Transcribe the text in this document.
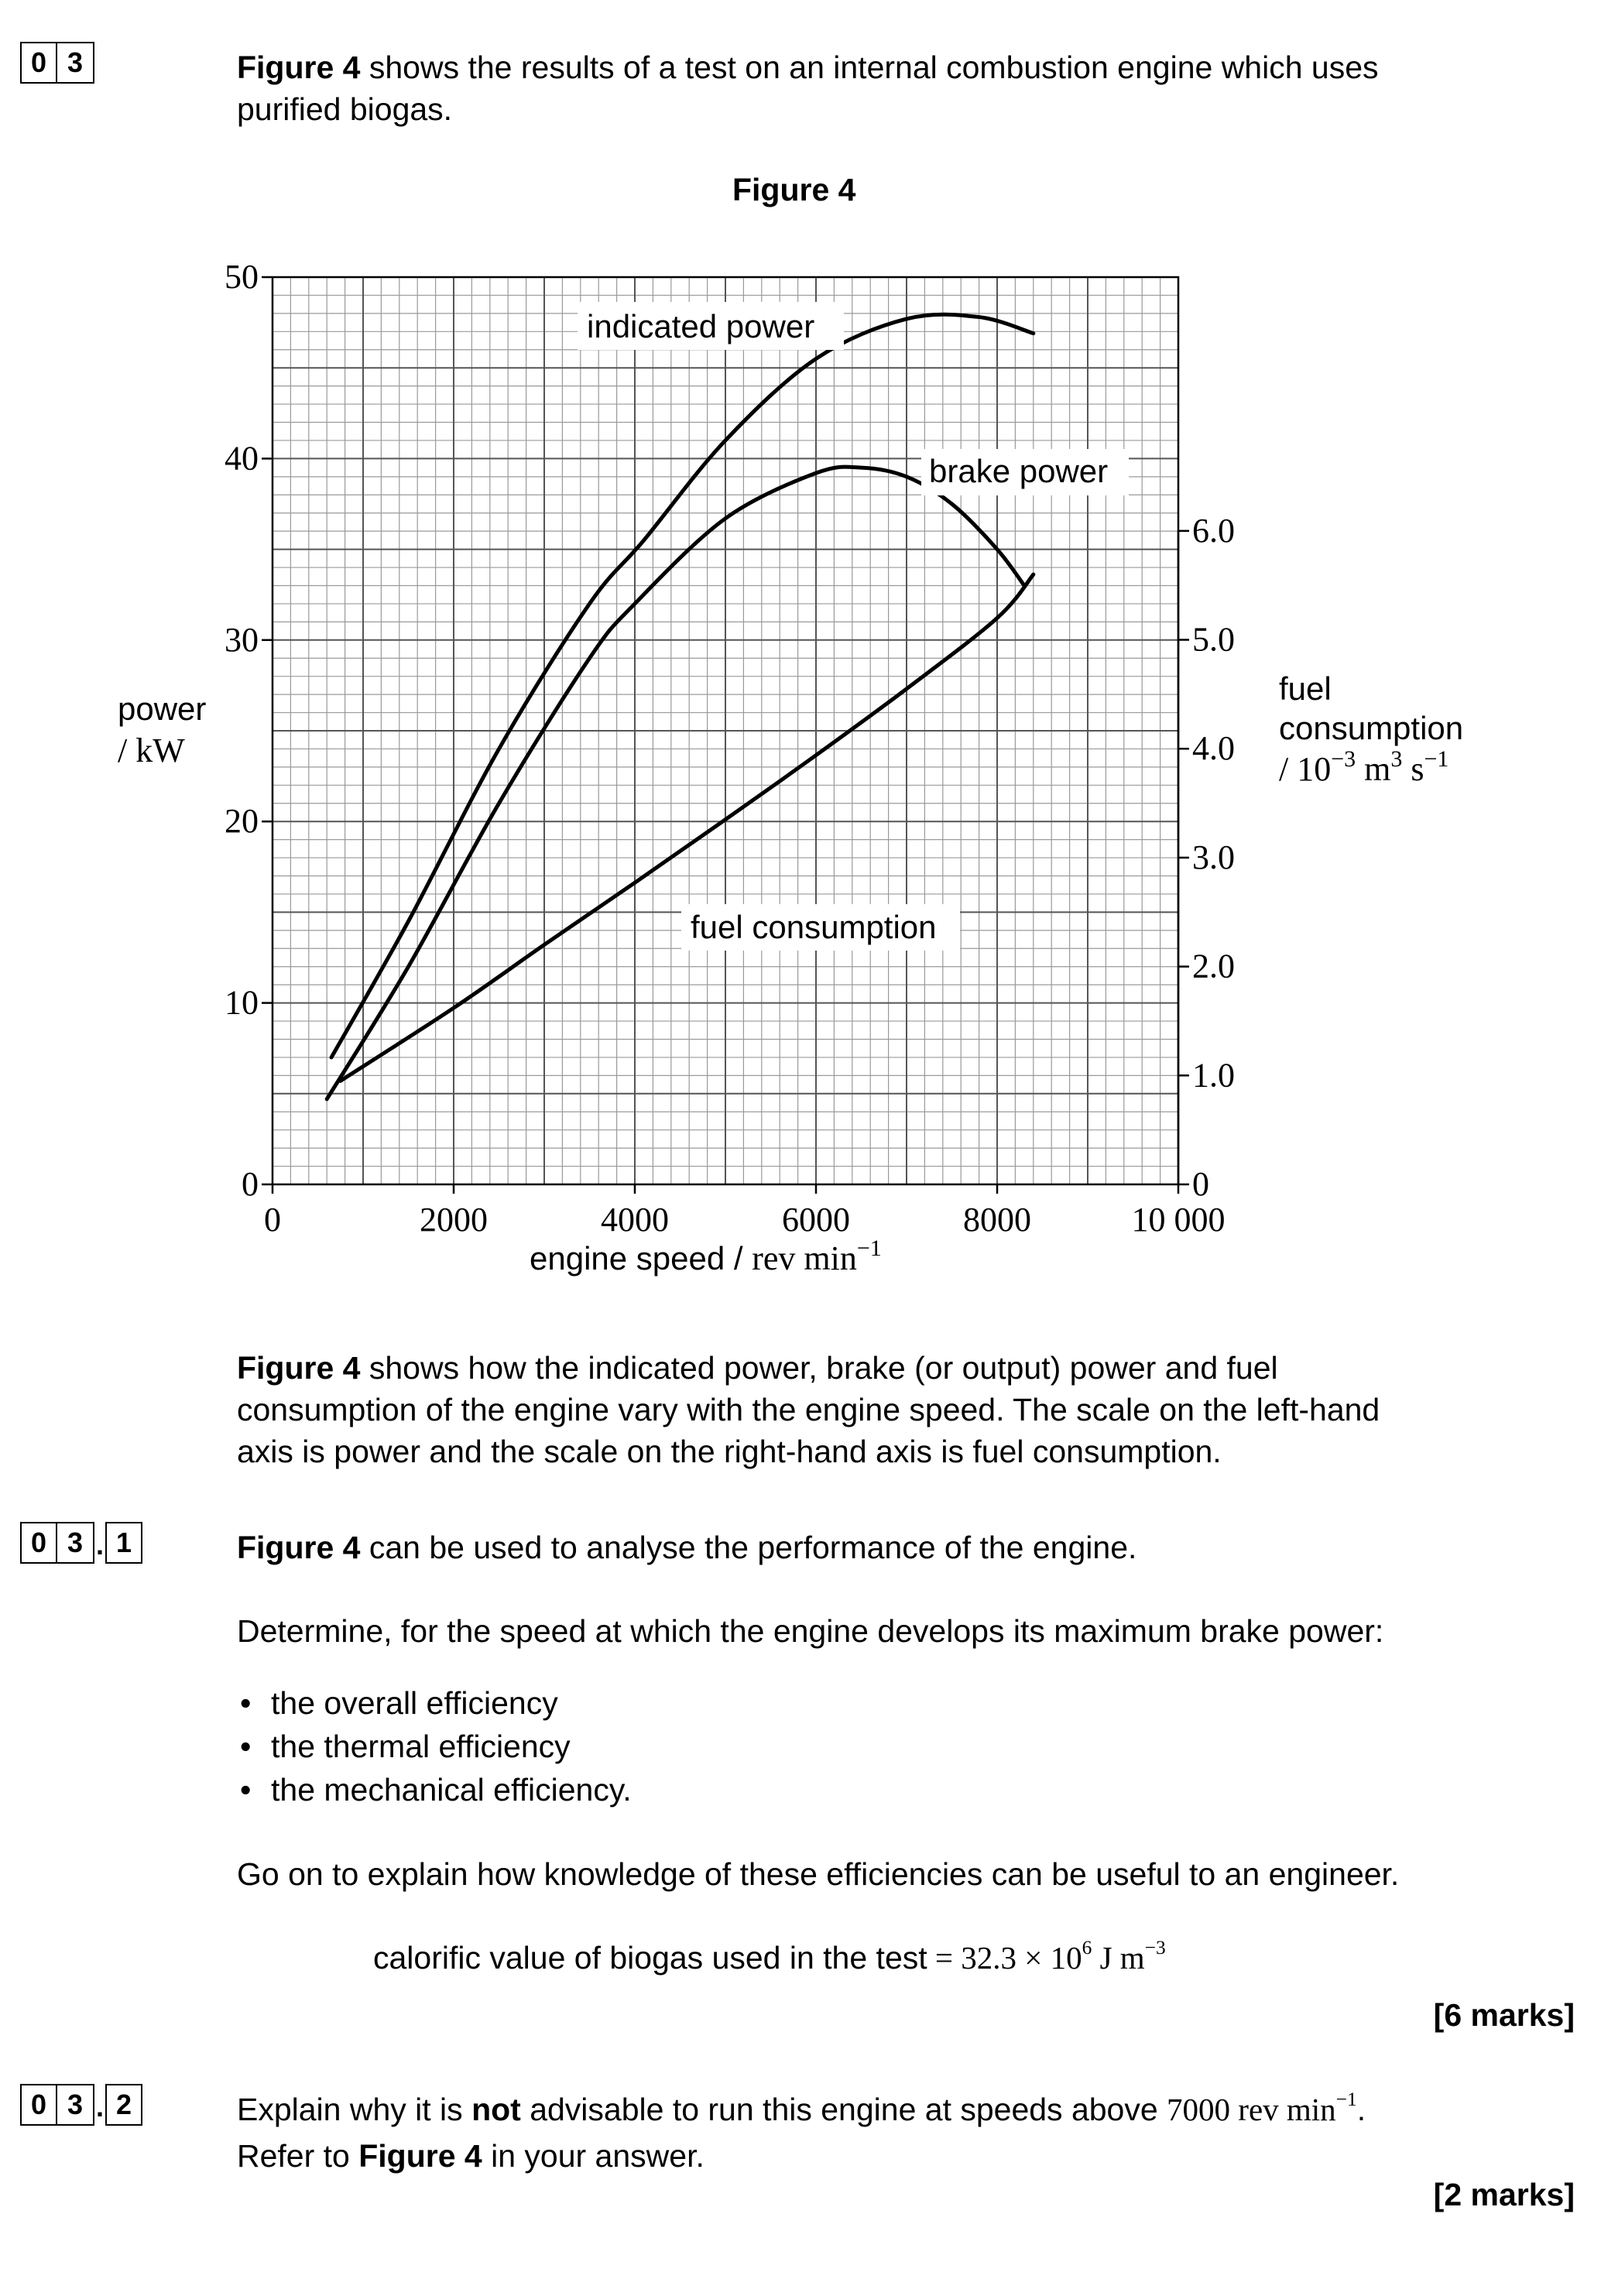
0 3	Figure 4 shows the results of a test on an internal combustion engine which uses
purified biogas.
Figure 4
0	2000	4000	6000	8000	10 000
0
10
20
30
40
50
0
1.0
2.0
3.0
4.0
5.0
6.0
indicated power
brake power
fuel consumption
power
/ kW
fuel
consumption
/ $10^{-3}$ $m^3$ $s^{-1}$
engine speed / rev $\min^{-1}$
Figure 4 shows how the indicated power, brake (or output) power and fuel
consumption of the engine vary with the engine speed. The scale on the left-hand
axis is power and the scale on the right-hand axis is fuel consumption.
0 3 . 1	Figure 4 can be used to analyse the performance of the engine.
Determine, for the speed at which the engine develops its maximum brake power:
• the overall efficiency
• the thermal efficiency
• the mechanical efficiency.
Go on to explain how knowledge of these efficiencies can be useful to an engineer.
calorific value of biogas used in the test = $32.3 \times 10^6$ J $m^{-3}$
[6 marks]
0 3 . 2	Explain why it is not advisable to run this engine at speeds above 7000 rev $\min^{-1}$.
Refer to Figure 4 in your answer.
[2 marks]
